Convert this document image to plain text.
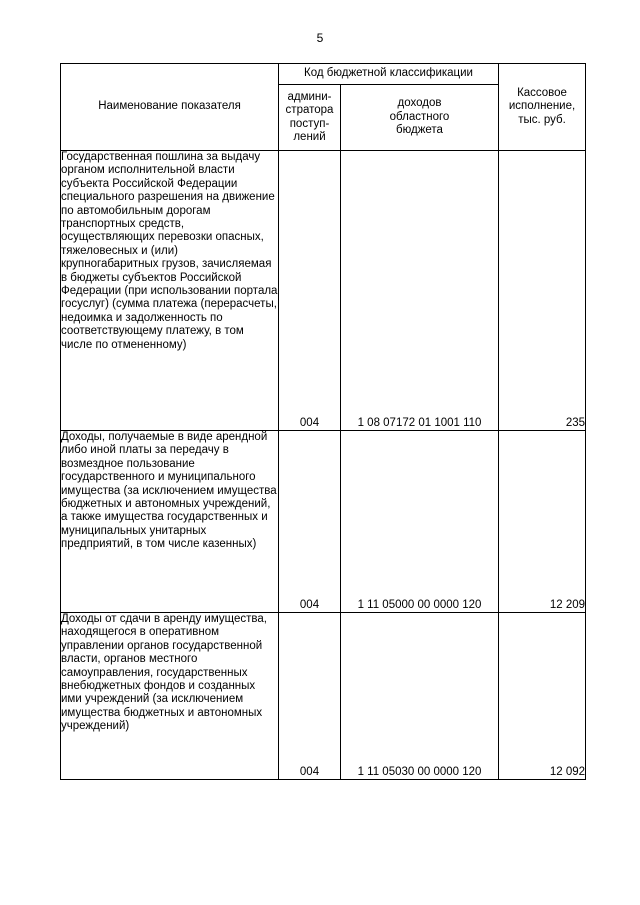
5
Наименование показателя	Код бюджетной классификации		Кассовое
исполнение,
тыс. руб.

	админи-
стратора
поступ-
лений	доходов
областного
бюджета	

Государственная пошлина за выдачу органом исполнительной власти субъекта Российской Федерации специального разрешения на движение по автомобильным дорогам транспортных средств, осуществляющих перевозки опасных, тяжеловесных и (или) крупногабаритных грузов, зачисляемая в бюджеты субъектов Российской Федерации (при использовании портала госуслуг) (сумма платежа (перерасчеты, недоимка и задолженность по соответствующему платежу, в том числе по отмененному)	004	1 08 07172 01 1001 110	235

Доходы, получаемые в виде арендной либо иной платы за передачу в возмездное пользование государственного и муниципального имущества (за исключением имущества бюджетных и автономных учреждений, а также имущества государственных и муниципальных унитарных предприятий, в том числе казенных)	004	1 11 05000 00 0000 120	12 209

Доходы от сдачи в аренду имущества, находящегося в оперативном управлении органов государственной власти, органов местного самоуправления, государственных внебюджетных фондов и созданных ими учреждений (за исключением имущества бюджетных и автономных учреждений)	004	1 11 05030 00 0000 120	12 092
